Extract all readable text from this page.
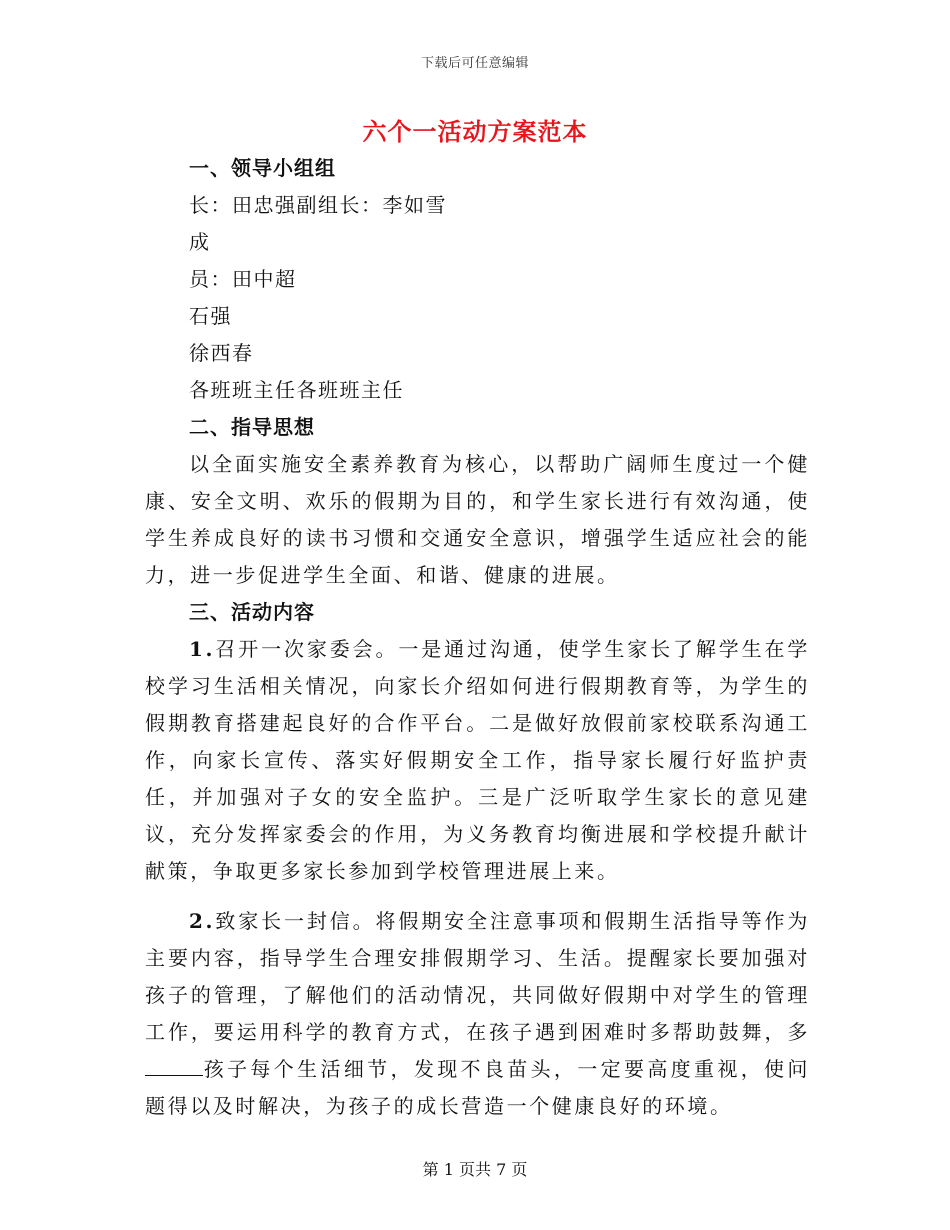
下载后可任意编辑
六个一活动方案范本
一、领导小组组
长：田忠强副组长：李如雪
成
员：田中超
石强
徐西春
各班班主任各班班主任
二、指导思想

以全面实施安全素养教育为核心，以帮助广阔师生度过一个健康、安全文明、欢乐的假期为目的，和学生家长进行有效沟通，使学生养成良好的读书习惯和交通安全意识，增强学生适应社会的能力，进一步促进学生全面、和谐、健康的进展。

三、活动内容

1.召开一次家委会。一是通过沟通，使学生家长了解学生在学校学习生活相关情况，向家长介绍如何进行假期教育等，为学生的假期教育搭建起良好的合作平台。二是做好放假前家校联系沟通工作，向家长宣传、落实好假期安全工作，指导家长履行好监护责任，并加强对子女的安全监护。三是广泛听取学生家长的意见建议，充分发挥家委会的作用，为义务教育均衡进展和学校提升献计献策，争取更多家长参加到学校管理进展上来。

2.致家长一封信。将假期安全注意事项和假期生活指导等作为主要内容，指导学生合理安排假期学习、生活。提醒家长要加强对孩子的管理，了解他们的活动情况，共同做好假期中对学生的管理工作，要运用科学的教育方式，在孩子遇到困难时多帮助鼓舞，多孩子每个生活细节，发现不良苗头，一定要高度重视，使问题得以及时解决，为孩子的成长营造一个健康良好的环境。

第 1 页共 7 页
